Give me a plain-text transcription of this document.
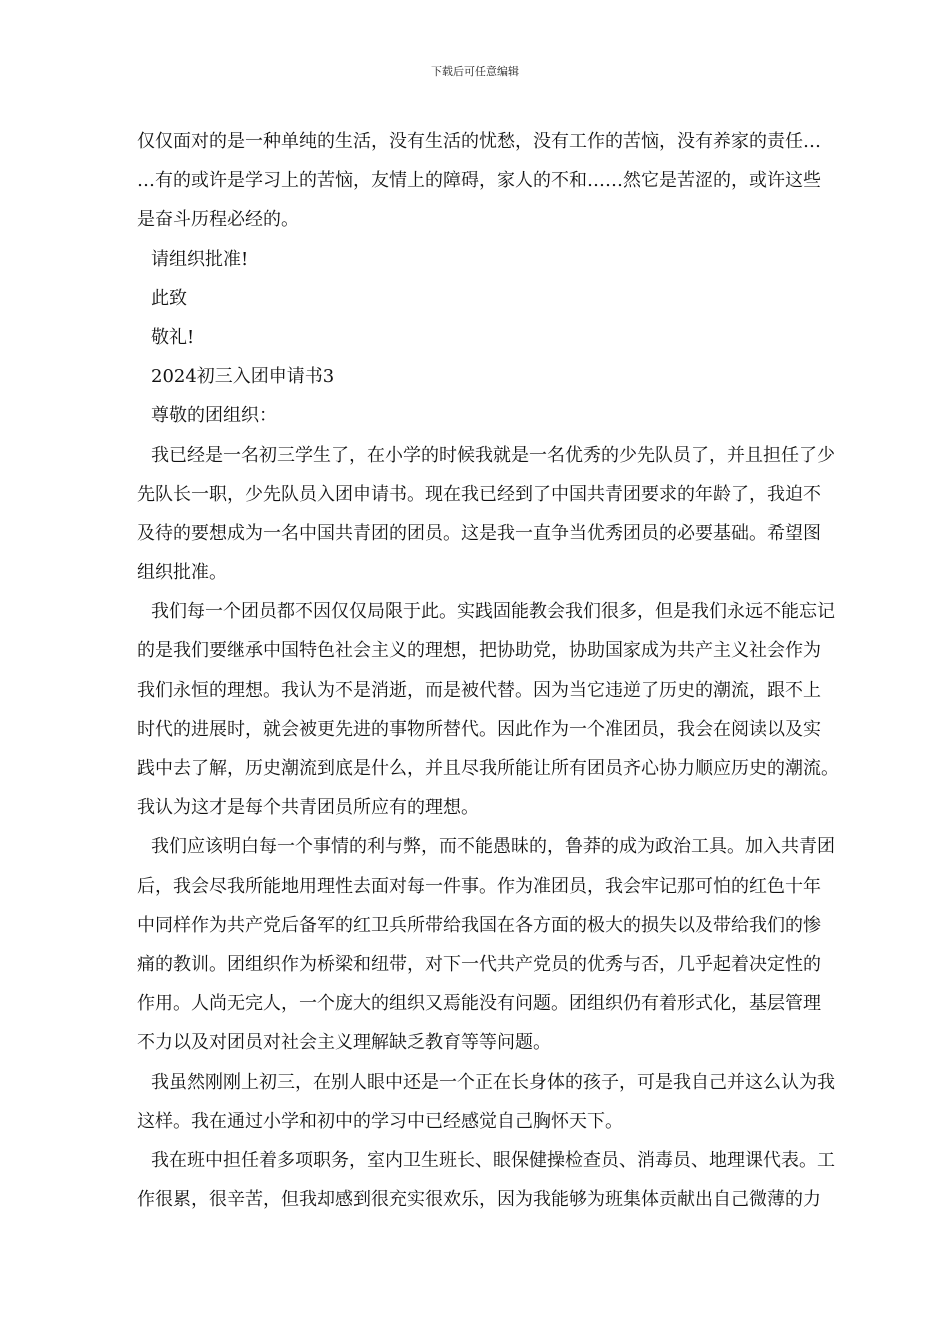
下载后可任意编辑
仅仅面对的是一种单纯的生活，没有生活的忧愁，没有工作的苦恼，没有养家的责任…
…有的或许是学习上的苦恼，友情上的障碍，家人的不和……然它是苦涩的，或许这些
是奋斗历程必经的。
请组织批准!
此致
敬礼!
2024初三入团申请书3
尊敬的团组织：
我已经是一名初三学生了，在小学的时候我就是一名优秀的少先队员了，并且担任了少
先队长一职，少先队员入团申请书。现在我已经到了中国共青团要求的年龄了，我迫不
及待的要想成为一名中国共青团的团员。这是我一直争当优秀团员的必要基础。希望图
组织批准。
我们每一个团员都不因仅仅局限于此。实践固能教会我们很多，但是我们永远不能忘记
的是我们要继承中国特色社会主义的理想，把协助党，协助国家成为共产主义社会作为
我们永恒的理想。我认为不是消逝，而是被代替。因为当它违逆了历史的潮流，跟不上
时代的进展时，就会被更先进的事物所替代。因此作为一个准团员，我会在阅读以及实
践中去了解，历史潮流到底是什么，并且尽我所能让所有团员齐心协力顺应历史的潮流。
我认为这才是每个共青团员所应有的理想。
我们应该明白每一个事情的利与弊，而不能愚昧的，鲁莽的成为政治工具。加入共青团
后，我会尽我所能地用理性去面对每一件事。作为准团员，我会牢记那可怕的红色十年
中同样作为共产党后备军的红卫兵所带给我国在各方面的极大的损失以及带给我们的惨
痛的教训。团组织作为桥梁和纽带，对下一代共产党员的优秀与否，几乎起着决定性的
作用。人尚无完人，一个庞大的组织又焉能没有问题。团组织仍有着形式化，基层管理
不力以及对团员对社会主义理解缺乏教育等等问题。
我虽然刚刚上初三，在别人眼中还是一个正在长身体的孩子，可是我自己并这么认为我
这样。我在通过小学和初中的学习中已经感觉自己胸怀天下。
我在班中担任着多项职务，室内卫生班长、眼保健操检查员、消毒员、地理课代表。工
作很累，很辛苦，但我却感到很充实很欢乐，因为我能够为班集体贡献出自己微薄的力
